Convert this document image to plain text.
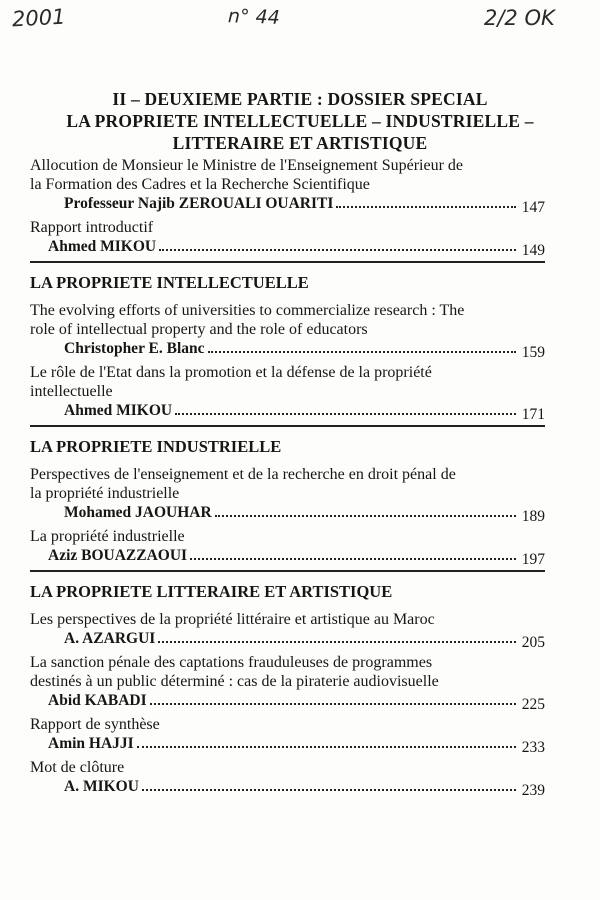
2001	n° 44	2/2 OK
II – DEUXIEME PARTIE : DOSSIER SPECIAL
LA PROPRIETE INTELLECTUELLE – INDUSTRIELLE –
LITTERAIRE ET ARTISTIQUE
Allocution de Monsieur le Ministre de l'Enseignement Supérieur de
la Formation des Cadres et la Recherche Scientifique
Professeur Najib ZEROUALI OUARITI	147
Rapport introductif
Ahmed MIKOU	149
LA PROPRIETE INTELLECTUELLE
The evolving efforts of universities to commercialize research : The
role of intellectual property and the role of educators
Christopher E. Blanc	159
Le rôle de l'Etat dans la promotion et la défense de la propriété
intellectuelle
Ahmed MIKOU	171
LA PROPRIETE INDUSTRIELLE
Perspectives de l'enseignement et de la recherche en droit pénal de
la propriété industrielle
Mohamed JAOUHAR	189
La propriété industrielle
Aziz BOUAZZAOUI	197
LA PROPRIETE LITTERAIRE ET ARTISTIQUE
Les perspectives de la propriété littéraire et artistique au Maroc
A. AZARGUI	205
La sanction pénale des captations frauduleuses de programmes
destinés à un public déterminé : cas de la piraterie audiovisuelle
Abid KABADI	225
Rapport de synthèse
Amin HAJJI	233
Mot de clôture
A. MIKOU	239
